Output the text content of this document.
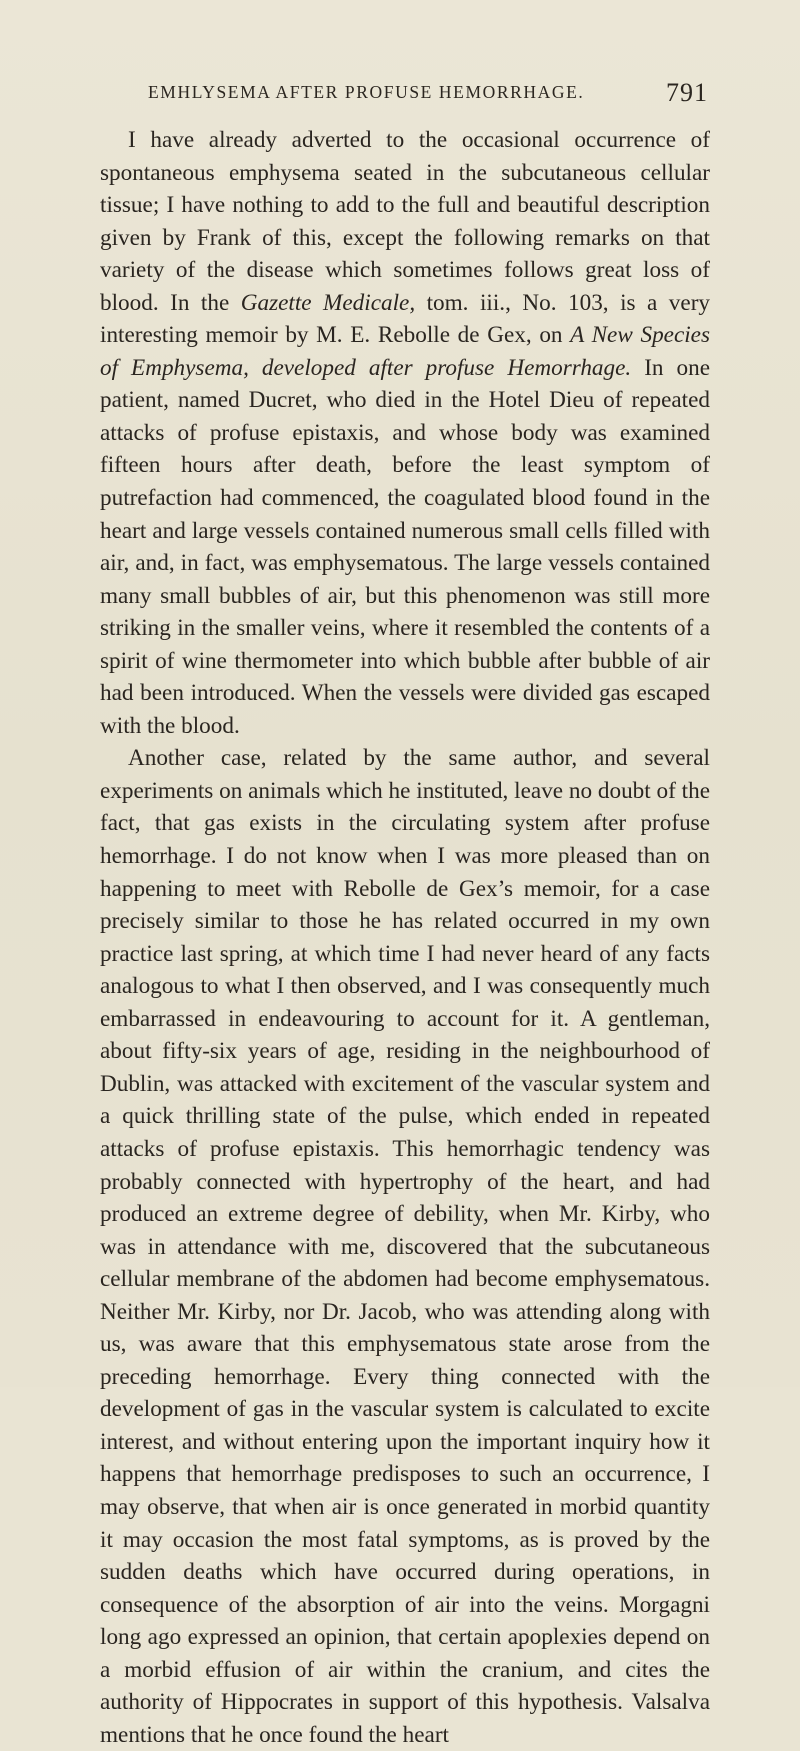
EMHLYSEMA AFTER PROFUSE HEMORRHAGE.	791

I have already adverted to the occasional occurrence of spontaneous emphysema seated in the subcutaneous cellular tissue; I have nothing to add to the full and beautiful description given by Frank of this, except the following remarks on that variety of the disease which sometimes follows great loss of blood. In the Gazette Medicale, tom. iii., No. 103, is a very interesting memoir by M. E. Rebolle de Gex, on A New Species of Emphysema, developed after profuse Hemorrhage. In one patient, named Ducret, who died in the Hotel Dieu of repeated attacks of profuse epistaxis, and whose body was examined fifteen hours after death, before the least symptom of putrefaction had commenced, the coagulated blood found in the heart and large vessels contained numerous small cells filled with air, and, in fact, was emphysematous. The large vessels contained many small bubbles of air, but this phenomenon was still more striking in the smaller veins, where it resembled the contents of a spirit of wine thermometer into which bubble after bubble of air had been introduced. When the vessels were divided gas escaped with the blood.

Another case, related by the same author, and several experiments on animals which he instituted, leave no doubt of the fact, that gas exists in the circulating system after profuse hemorrhage. I do not know when I was more pleased than on happening to meet with Rebolle de Gex’s memoir, for a case precisely similar to those he has related occurred in my own practice last spring, at which time I had never heard of any facts analogous to what I then observed, and I was consequently much embarrassed in endeavouring to account for it. A gentleman, about fifty-six years of age, residing in the neighbourhood of Dublin, was attacked with excitement of the vascular system and a quick thrilling state of the pulse, which ended in repeated attacks of profuse epistaxis. This hemorrhagic tendency was probably connected with hypertrophy of the heart, and had produced an extreme degree of debility, when Mr. Kirby, who was in attendance with me, discovered that the subcutaneous cellular membrane of the abdomen had become emphysematous. Neither Mr. Kirby, nor Dr. Jacob, who was attending along with us, was aware that this emphysematous state arose from the preceding hemorrhage. Every thing connected with the development of gas in the vascular system is calculated to excite interest, and without entering upon the important inquiry how it happens that hemorrhage predisposes to such an occurrence, I may observe, that when air is once generated in morbid quantity it may occasion the most fatal symptoms, as is proved by the sudden deaths which have occurred during operations, in consequence of the absorption of air into the veins. Morgagni long ago expressed an opinion, that certain apoplexies depend on a morbid effusion of air within the cranium, and cites the authority of Hippocrates in support of this hypothesis. Valsalva mentions that he once found the heart
